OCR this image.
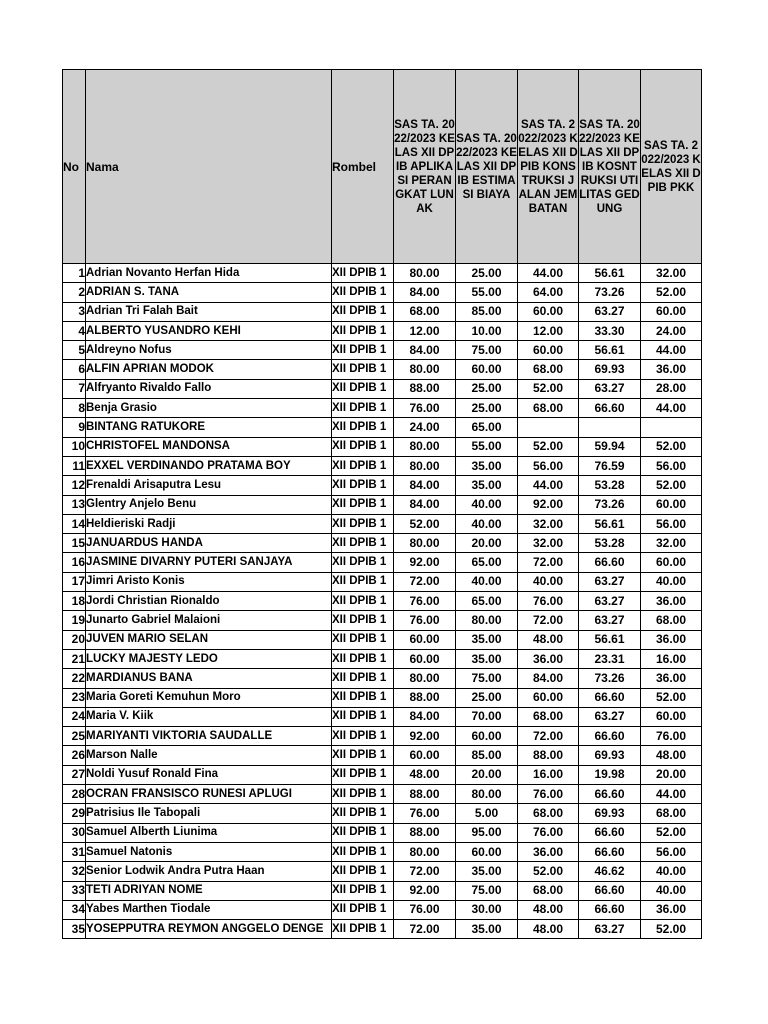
No	Nama	Rombel	SAS TA. 2022/2023 KELAS XII DPIB APLIKASI PERANGKAT LUNAK	SAS TA. 2022/2023 KELAS XII DPIB ESTIMASI BIAYA	SAS TA. 2022/2023 KELAS XII DPIB KONSTRUKSI JALAN JEMBATAN	SAS TA. 2022/2023 KELAS XII DPIB KOSNTRUKSI UTILITAS GEDUNG	SAS TA. 2022/2023 KELAS XII DPIB PKK
1	Adrian Novanto Herfan Hida	XII DPIB 1	80.00	25.00	44.00	56.61	32.00
2	ADRIAN S. TANA	XII DPIB 1	84.00	55.00	64.00	73.26	52.00
3	Adrian Tri Falah Bait	XII DPIB 1	68.00	85.00	60.00	63.27	60.00
4	ALBERTO YUSANDRO KEHI	XII DPIB 1	12.00	10.00	12.00	33.30	24.00
5	Aldreyno Nofus	XII DPIB 1	84.00	75.00	60.00	56.61	44.00
6	ALFIN APRIAN MODOK	XII DPIB 1	80.00	60.00	68.00	69.93	36.00
7	Alfryanto Rivaldo Fallo	XII DPIB 1	88.00	25.00	52.00	63.27	28.00
8	Benja Grasio	XII DPIB 1	76.00	25.00	68.00	66.60	44.00
9	BINTANG RATUKORE	XII DPIB 1	24.00	65.00			
10	CHRISTOFEL MANDONSA	XII DPIB 1	80.00	55.00	52.00	59.94	52.00
11	EXXEL VERDINANDO PRATAMA BOY	XII DPIB 1	80.00	35.00	56.00	76.59	56.00
12	Frenaldi Arisaputra Lesu	XII DPIB 1	84.00	35.00	44.00	53.28	52.00
13	Glentry Anjelo Benu	XII DPIB 1	84.00	40.00	92.00	73.26	60.00
14	Heldieriski Radji	XII DPIB 1	52.00	40.00	32.00	56.61	56.00
15	JANUARDUS HANDA	XII DPIB 1	80.00	20.00	32.00	53.28	32.00
16	JASMINE DIVARNY PUTERI SANJAYA	XII DPIB 1	92.00	65.00	72.00	66.60	60.00
17	Jimri Aristo Konis	XII DPIB 1	72.00	40.00	40.00	63.27	40.00
18	Jordi Christian Rionaldo	XII DPIB 1	76.00	65.00	76.00	63.27	36.00
19	Junarto Gabriel Malaioni	XII DPIB 1	76.00	80.00	72.00	63.27	68.00
20	JUVEN MARIO SELAN	XII DPIB 1	60.00	35.00	48.00	56.61	36.00
21	LUCKY MAJESTY LEDO	XII DPIB 1	60.00	35.00	36.00	23.31	16.00
22	MARDIANUS BANA	XII DPIB 1	80.00	75.00	84.00	73.26	36.00
23	Maria Goreti Kemuhun Moro	XII DPIB 1	88.00	25.00	60.00	66.60	52.00
24	Maria V. Kiik	XII DPIB 1	84.00	70.00	68.00	63.27	60.00
25	MARIYANTI VIKTORIA SAUDALLE	XII DPIB 1	92.00	60.00	72.00	66.60	76.00
26	Marson Nalle	XII DPIB 1	60.00	85.00	88.00	69.93	48.00
27	Noldi Yusuf Ronald Fina	XII DPIB 1	48.00	20.00	16.00	19.98	20.00
28	OCRAN FRANSISCO RUNESI APLUGI	XII DPIB 1	88.00	80.00	76.00	66.60	44.00
29	Patrisius Ile Tabopali	XII DPIB 1	76.00	5.00	68.00	69.93	68.00
30	Samuel Alberth Liunima	XII DPIB 1	88.00	95.00	76.00	66.60	52.00
31	Samuel Natonis	XII DPIB 1	80.00	60.00	36.00	66.60	56.00
32	Senior Lodwik Andra Putra Haan	XII DPIB 1	72.00	35.00	52.00	46.62	40.00
33	TETI ADRIYAN NOME	XII DPIB 1	92.00	75.00	68.00	66.60	40.00
34	Yabes Marthen Tiodale	XII DPIB 1	76.00	30.00	48.00	66.60	36.00
35	YOSEPPUTRA REYMON ANGGELO DENGE	XII DPIB 1	72.00	35.00	48.00	63.27	52.00
